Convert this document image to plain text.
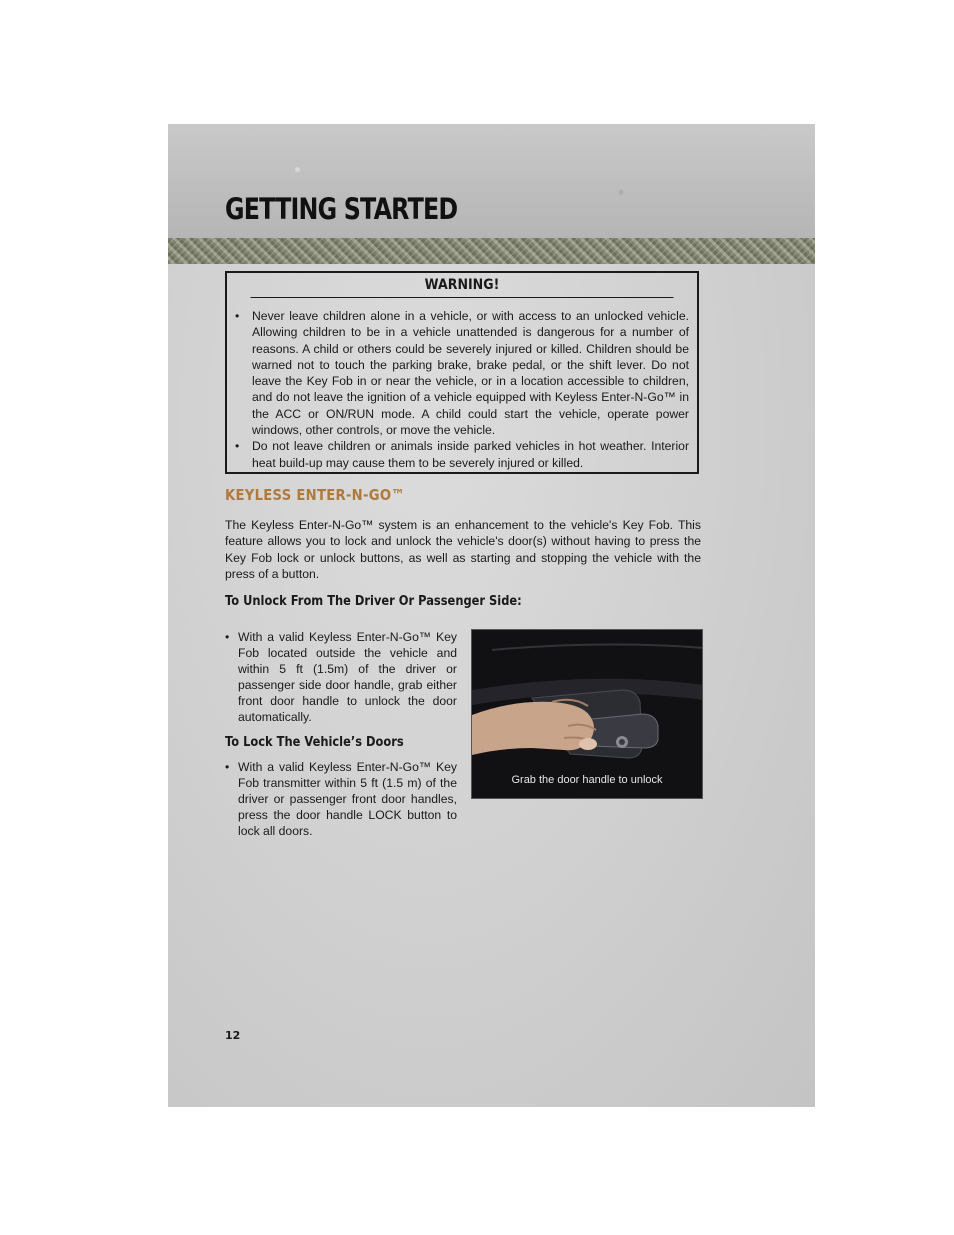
GETTING STARTED
WARNING!
• Never leave children alone in a vehicle, or with access to an unlocked vehicle. Allowing children to be in a vehicle unattended is dangerous for a number of reasons. A child or others could be severely injured or killed. Children should be warned not to touch the parking brake, brake pedal, or the shift lever. Do not leave the Key Fob in or near the vehicle, or in a location accessible to children, and do not leave the ignition of a vehicle equipped with Keyless Enter-N-Go™ in the ACC or ON/RUN mode. A child could start the vehicle, operate power windows, other controls, or move the vehicle.
• Do not leave children or animals inside parked vehicles in hot weather. Interior heat build-up may cause them to be severely injured or killed.
KEYLESS ENTER-N-GO™

The Keyless Enter-N-Go™ system is an enhancement to the vehicle's Key Fob. This feature allows you to lock and unlock the vehicle's door(s) without having to press the Key Fob lock or unlock buttons, as well as starting and stopping the vehicle with the press of a button.

To Unlock From The Driver Or Passenger Side:
• With a valid Keyless Enter-N-Go™ Key Fob located outside the vehicle and within 5 ft (1.5m) of the driver or passenger side door handle, grab either front door handle to unlock the door automatically.
To Lock The Vehicle’s Doors
• With a valid Keyless Enter-N-Go™ Key Fob transmitter within 5 ft (1.5 m) of the driver or passenger front door handles, press the door handle LOCK button to lock all doors.
Grab the door handle to unlock
12
